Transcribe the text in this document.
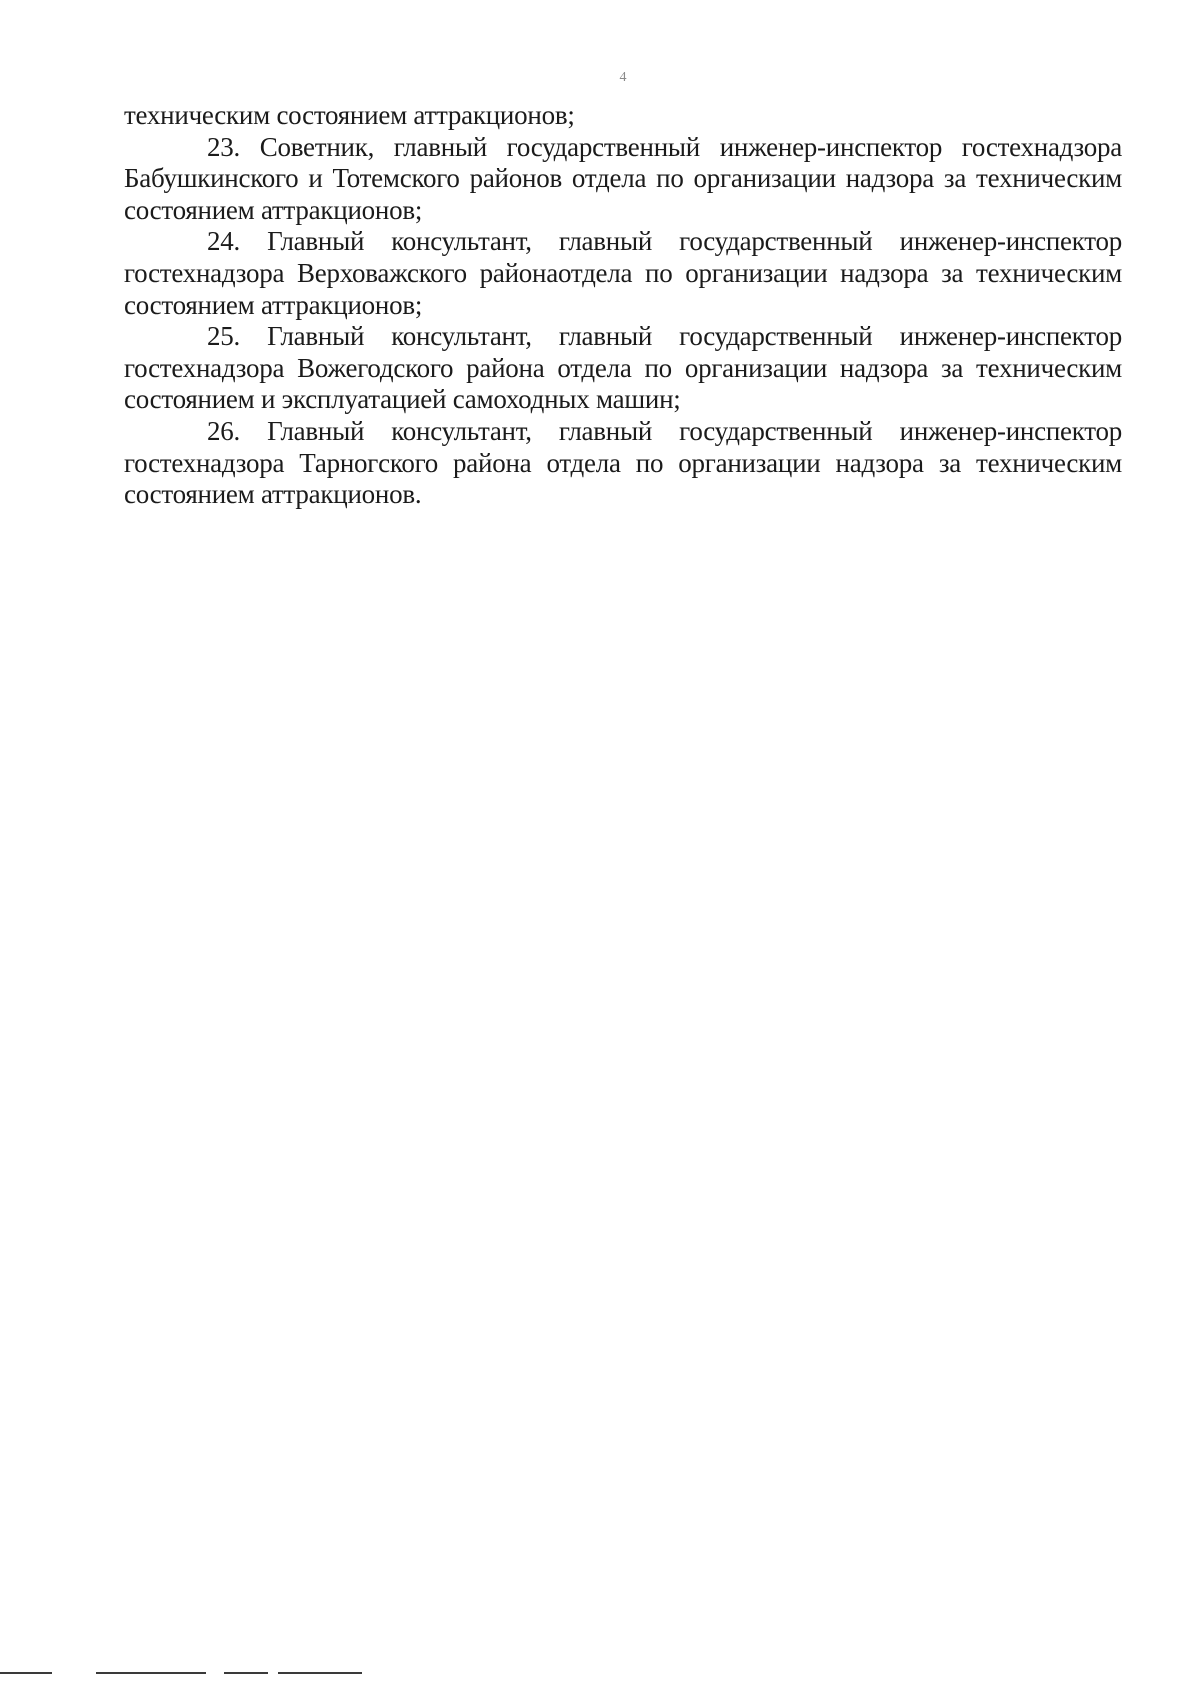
4

техническим состоянием аттракционов;

23. Советник, главный государственный инженер-инспектор гостехнадзора Бабушкинского и Тотемского районов отдела по организации надзора за техническим состоянием аттракционов;

24. Главный консультант, главный государственный инженер-инспектор гостехнадзора Верховажского районаотдела по организации надзора за техническим состоянием аттракционов;

25. Главный консультант, главный государственный инженер-инспектор гостехнадзора Вожегодского района отдела по организации надзора за техническим состоянием и эксплуатацией самоходных машин;

26. Главный консультант, главный государственный инженер-инспектор гостехнадзора Тарногского района отдела по организации надзора за техническим состоянием аттракционов.
